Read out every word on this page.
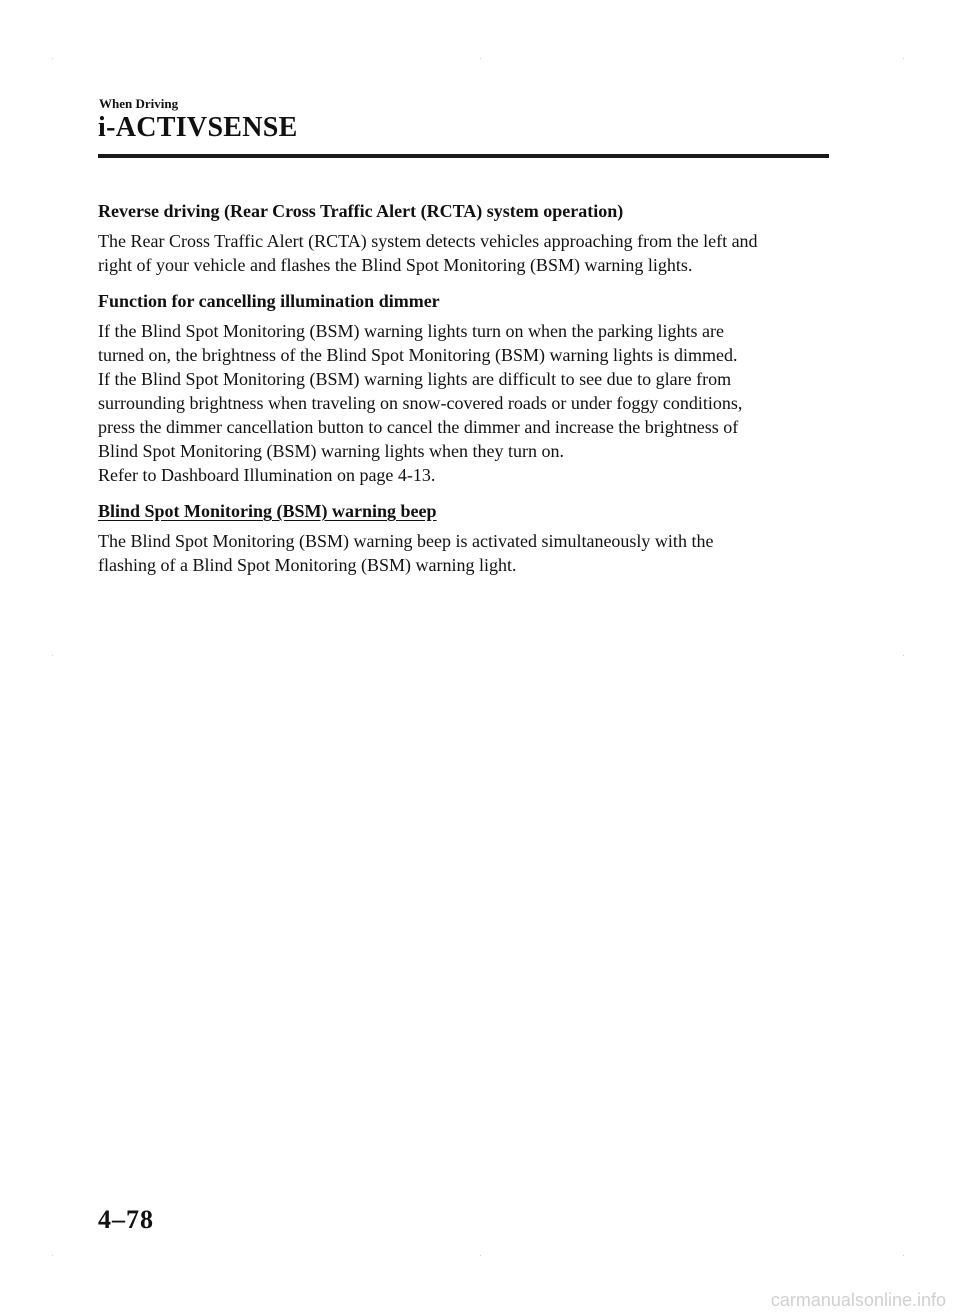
When Driving
i-ACTIVSENSE
Reverse driving (Rear Cross Traffic Alert (RCTA) system operation)
The Rear Cross Traffic Alert (RCTA) system detects vehicles approaching from the left and
right of your vehicle and flashes the Blind Spot Monitoring (BSM) warning lights.
Function for cancelling illumination dimmer
If the Blind Spot Monitoring (BSM) warning lights turn on when the parking lights are
turned on, the brightness of the Blind Spot Monitoring (BSM) warning lights is dimmed.
If the Blind Spot Monitoring (BSM) warning lights are difficult to see due to glare from
surrounding brightness when traveling on snow-covered roads or under foggy conditions,
press the dimmer cancellation button to cancel the dimmer and increase the brightness of
Blind Spot Monitoring (BSM) warning lights when they turn on.
Refer to Dashboard Illumination on page 4-13.
Blind Spot Monitoring (BSM) warning beep
The Blind Spot Monitoring (BSM) warning beep is activated simultaneously with the
flashing of a Blind Spot Monitoring (BSM) warning light.
4–78
carmanualsonline.info
